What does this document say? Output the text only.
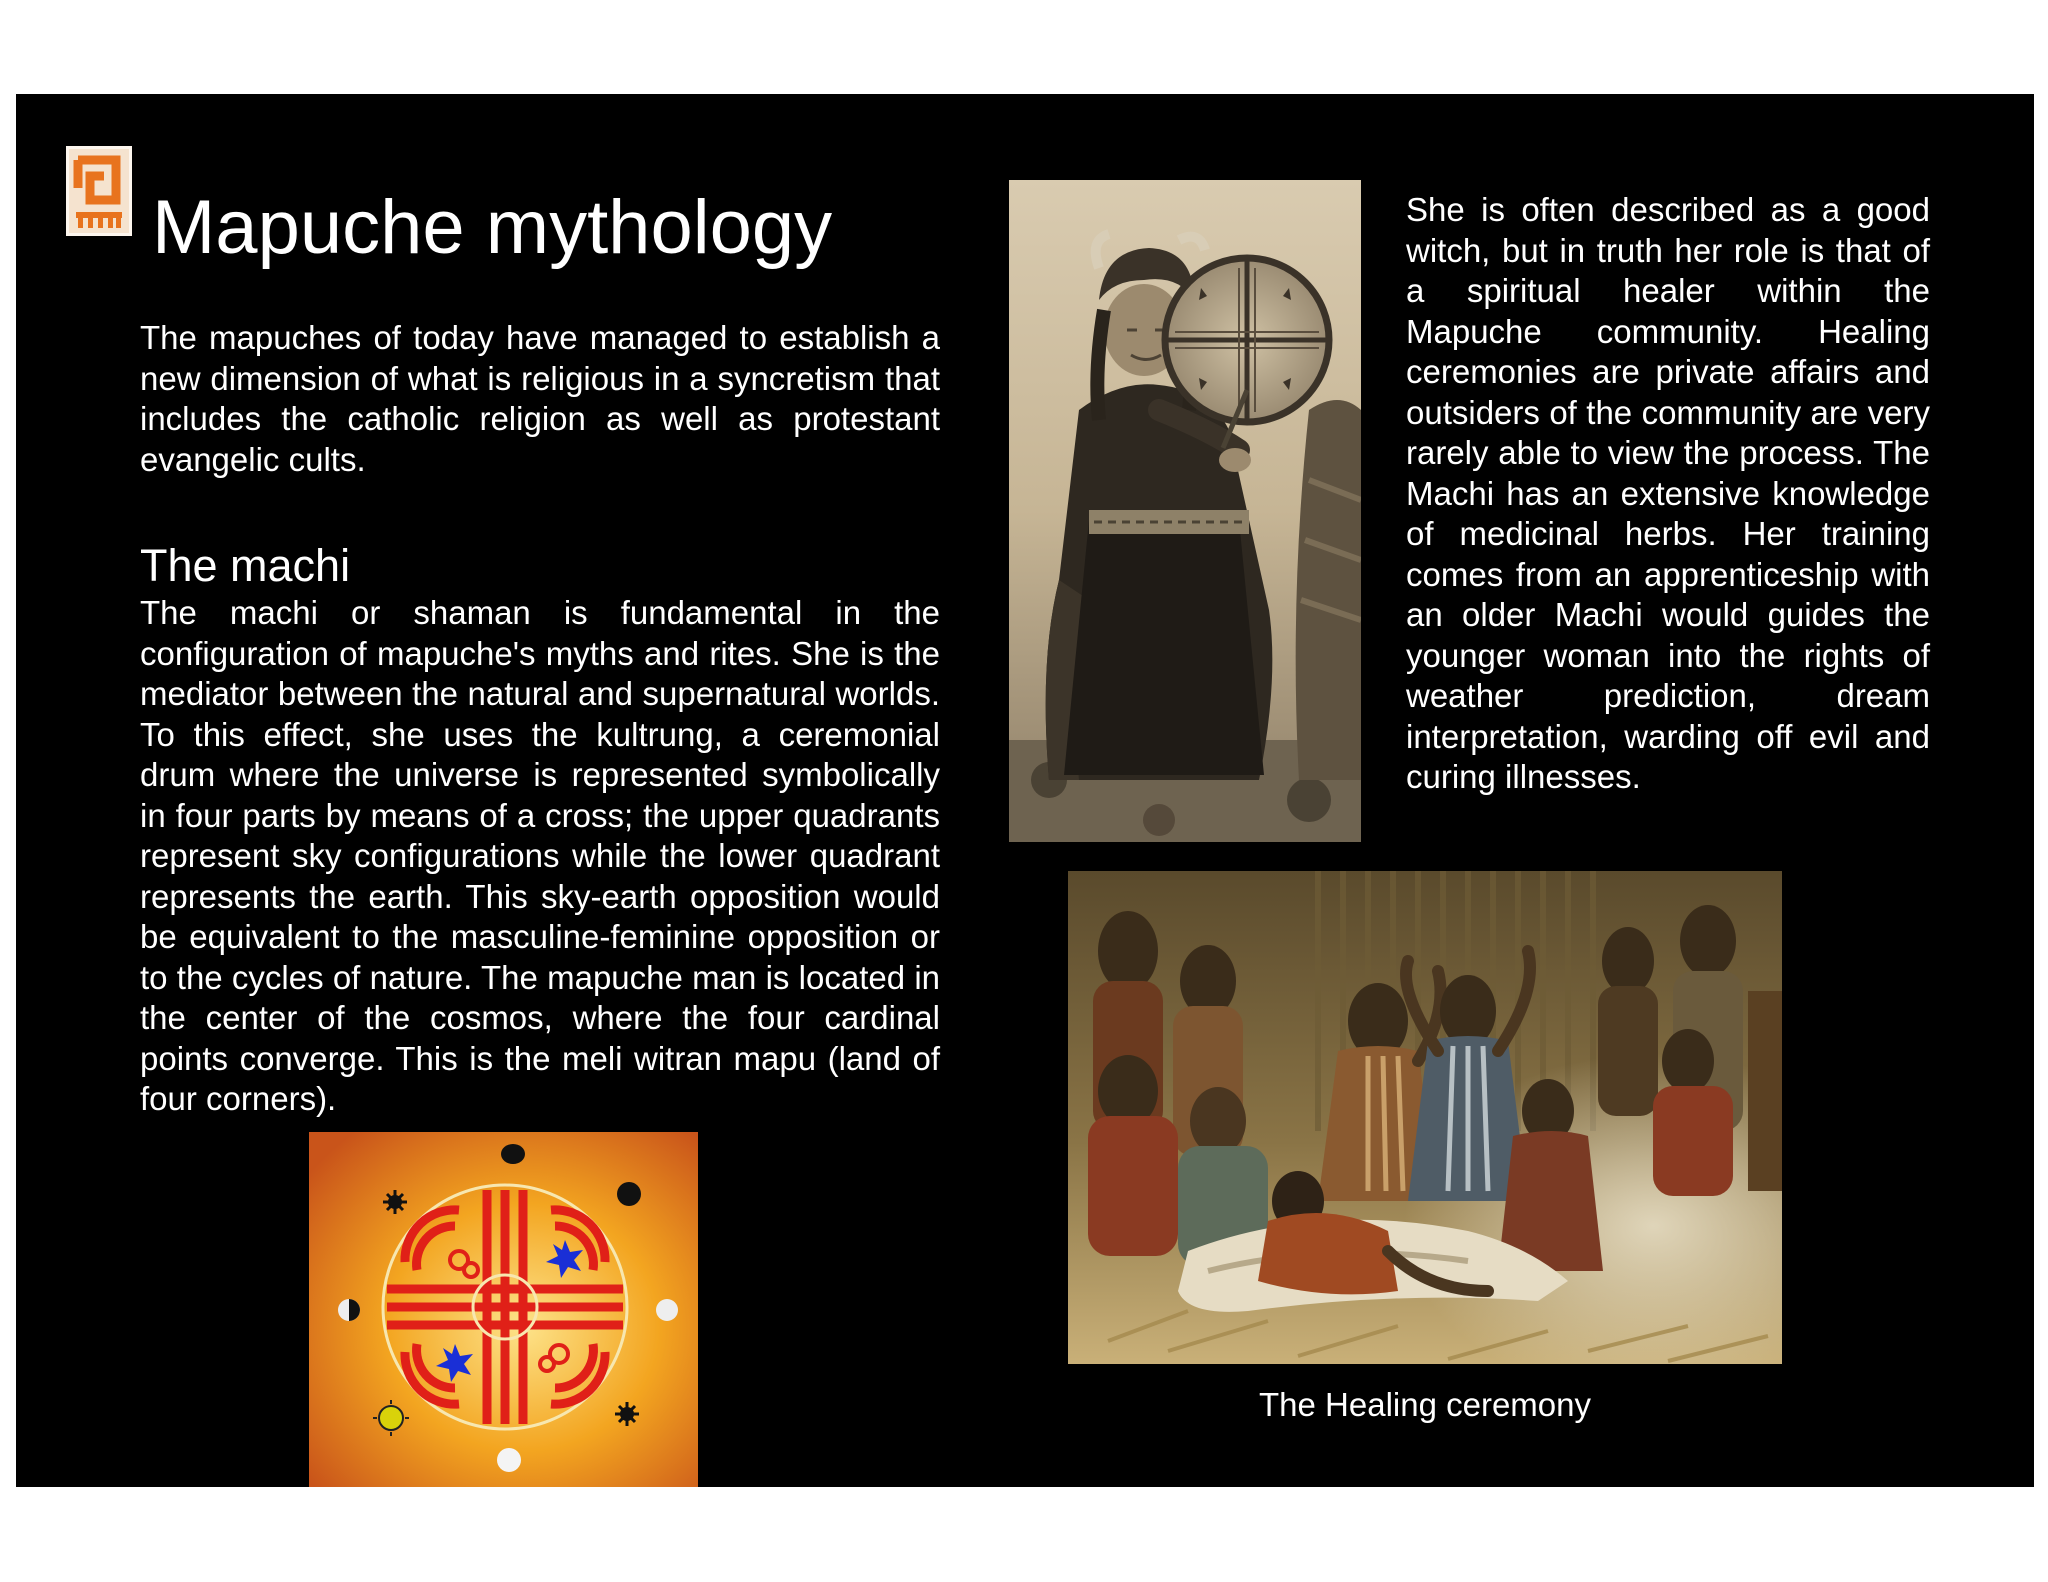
Mapuche mythology

The mapuches of today have managed to establish a new dimension of what is religious in a syncretism that includes the catholic religion as well as protestant evangelic cults.

The machi

The machi or shaman is fundamental in the configuration of mapuche's myths and rites. She is the mediator between the natural and supernatural worlds. To this effect, she uses the kultrung, a ceremonial drum where the universe is represented symbolically in four parts by means of a cross; the upper quadrants represent sky configurations while the lower quadrant represents the earth. This sky-earth opposition would be equivalent to the masculine-feminine opposition or to the cycles of nature. The mapuche man is located in the center of the cosmos, where the four cardinal points converge. This is the meli witran mapu (land of four corners).

She is often described as a good witch, but in truth her role is that of a spiritual healer within the Mapuche community. Healing ceremonies are private affairs and outsiders of the community are very rarely able to view the process. The Machi has an extensive knowledge of medicinal herbs. Her training comes from an apprenticeship with an older Machi would guides the younger woman into the rights of weather prediction, dream interpretation, warding off evil and curing illnesses.

The Healing ceremony
